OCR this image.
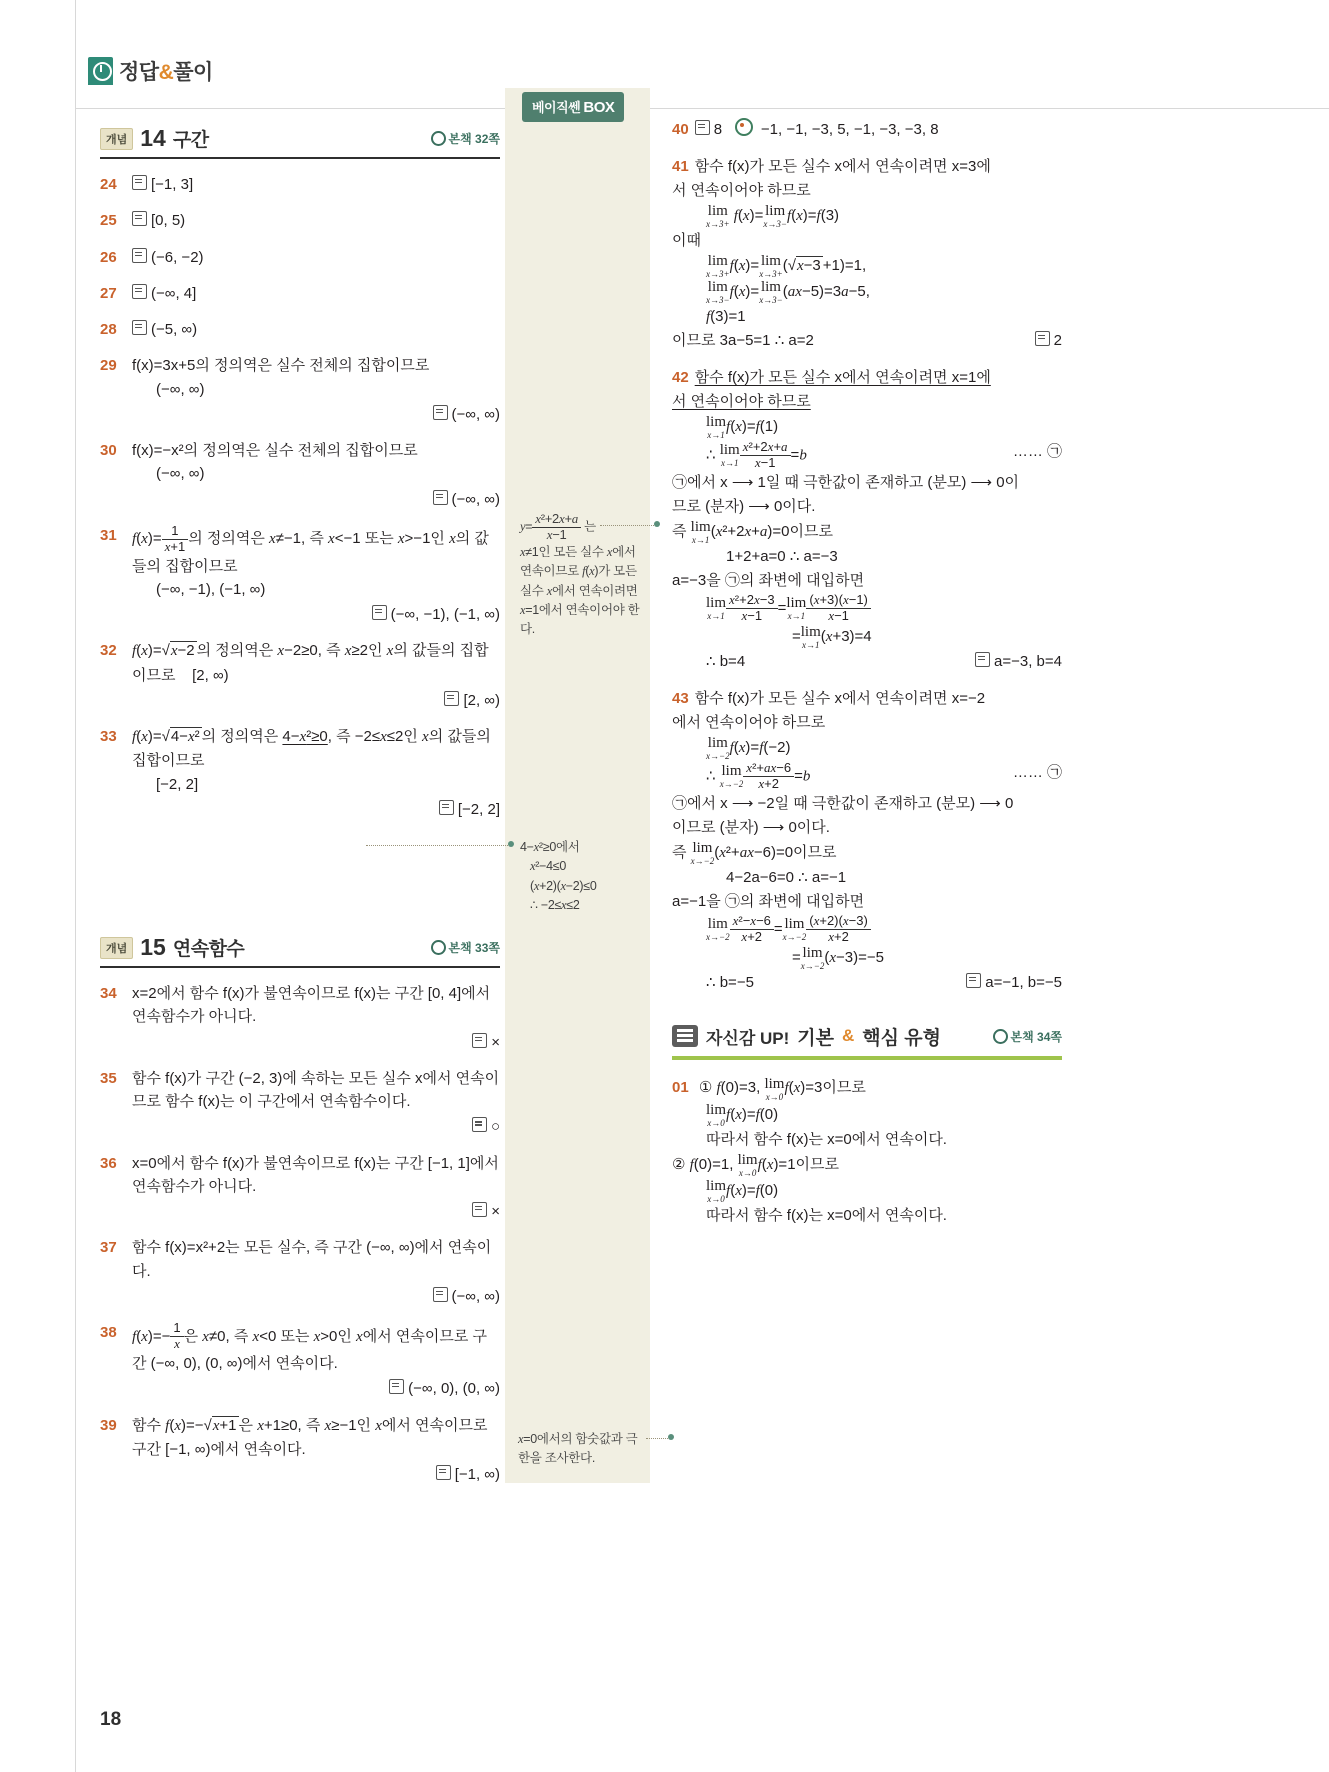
정답&풀이
베이직쎈 BOX
$y= \frac{\text{x²+2x+a}}{x-1}$ 는
x≠1인 모든 실수 x에서
연속이므로 f(x)가 모든
실수 x에서 연속이려면
x=1에서 연속이어야 한
다.
4−x²≥0에서
x²−4≤0
(x+2)(x−2)≤0
∴ −2≤x≤2
x=0에서의 함숫값과 극
한을 조사한다.
개념 14 구간	본책 32쪽
24	[−1, 3]
25	[0, 5)
26	(−6, −2)
27	(−∞, 4]
28	(−5, ∞)
29	f(x)=3x+5의 정의역은 실수 전체의 집합이므로
(−∞, ∞)
(−∞, ∞)
30	f(x)=−x²의 정의역은 실수 전체의 집합이므로
(−∞, ∞)
(−∞, ∞)
31	$f(x)= \frac{1}{x+1}$ 의 정의역은 x≠−1, 즉 x<−1 또는 x>−1인 x의 값들의 집합이므로
(−∞, −1), (−1, ∞)
(−∞, −1), (−1, ∞)
32	f(x)=√x−2 의 정의역은 x−2≥0, 즉 x≥2인 x의 값들의 집합이므로    [2, ∞)
[2, ∞)
33	f(x)=√4−x² 의 정의역은 4−x²≥0, 즉 −2≤x≤2인 x의 값들의 집합이므로
[−2, 2]
[−2, 2]
개념 15 연속함수	본책 33쪽
34	x=2에서 함수 f(x)가 불연속이므로 f(x)는 구간 [0, 4]에서 연속함수가 아니다.
×
35	함수 f(x)가 구간 (−2, 3)에 속하는 모든 실수 x에서 연속이므로 함수 f(x)는 이 구간에서 연속함수이다.
○
36	x=0에서 함수 f(x)가 불연속이므로 f(x)는 구간 [−1, 1]에서 연속함수가 아니다.
×
37	함수 f(x)=x²+2는 모든 실수, 즉 구간 (−∞, ∞)에서 연속이다.
(−∞, ∞)
38	$f(x)=- \frac{1}{x}$ 은 x≠0, 즉 x<0 또는 x>0인 x에서 연속이므로 구간 (−∞, 0), (0, ∞)에서 연속이다.
(−∞, 0), (0, ∞)
39	함수 f(x)=−√x+1 은 x+1≥0, 즉 x≥−1인 x에서 연속이므로 구간 [−1, ∞)에서 연속이다.
[−1, ∞)
40 8	−1, −1, −3, 5, −1, −3, −3, 8
41 함수 f(x)가 모든 실수 x에서 연속이려면 x=3에
서 연속이어야 하므로
lim
x→3+
f(x)= lim
x→3−
f(x)=f(3)
이때
lim
x→3+
f(x)= lim
x→3+
(√x−3 +1)=1,
lim
x→3−
f(x)= lim
x→3−
(ax−5)=3a−5,
f(3)=1
이므로 3a−5=1 ∴ a=2	2
42 함수 f(x)가 모든 실수 x에서 연속이려면 x=1에 서 연속이어야 하므로
lim
x→1
f(x)=f(1)
∴ lim
$x\to 1 \frac{\text{x²+2x+a}}{x-1} =b$	…… ㉠
㉠에서 x ⟶ 1일 때 극한값이 존재하고 (분모) ⟶ 0이
므로 (분자) ⟶ 0이다.
즉 lim
x→1
(x²+2x+a)=0이므로
1+2+a=0 ∴ a=−3
a=−3을 ㉠의 좌변에 대입하면
lim
$x\to 1 \frac{\text{x²+2x−3}}{x-1} =\lim$
$x\to 1 \frac{(x+3)(x-1)}{x-1}$
=lim
x→1
(x+3)=4
∴ b=4	a=−3, b=4
43 함수 f(x)가 모든 실수 x에서 연속이려면 x=−2
에서 연속이어야 하므로
lim
x→−2
f(x)=f(−2)
∴ lim
$x\to-2 \frac{\text{x²+ax−6}}{x+2} =b$	…… ㉠
㉠에서 x ⟶ −2일 때 극한값이 존재하고 (분모) ⟶ 0
이므로 (분자) ⟶ 0이다.
즉 lim
x→−2
(x²+ax−6)=0이므로
4−2a−6=0 ∴ a=−1
a=−1을 ㉠의 좌변에 대입하면
lim
$x\to-2 \frac{\text{x²−x−6}}{x+2} = \lim$
$x\to-2 \frac{(x+2)(x-3)}{x+2}$
= lim
x→−2
(x−3)=−5
∴ b=−5	a=−1, b=−5
자신감 UP! 기본 & 핵심 유형	본책 34쪽
01 ① f(0)=3, lim
x→0
f(x)=3이므로
lim
x→0
f(x)=f(0)
따라서 함수 f(x)는 x=0에서 연속이다.
② f(0)=1, lim
x→0
f(x)=1이므로
lim
x→0
f(x)=f(0)
따라서 함수 f(x)는 x=0에서 연속이다.
18
